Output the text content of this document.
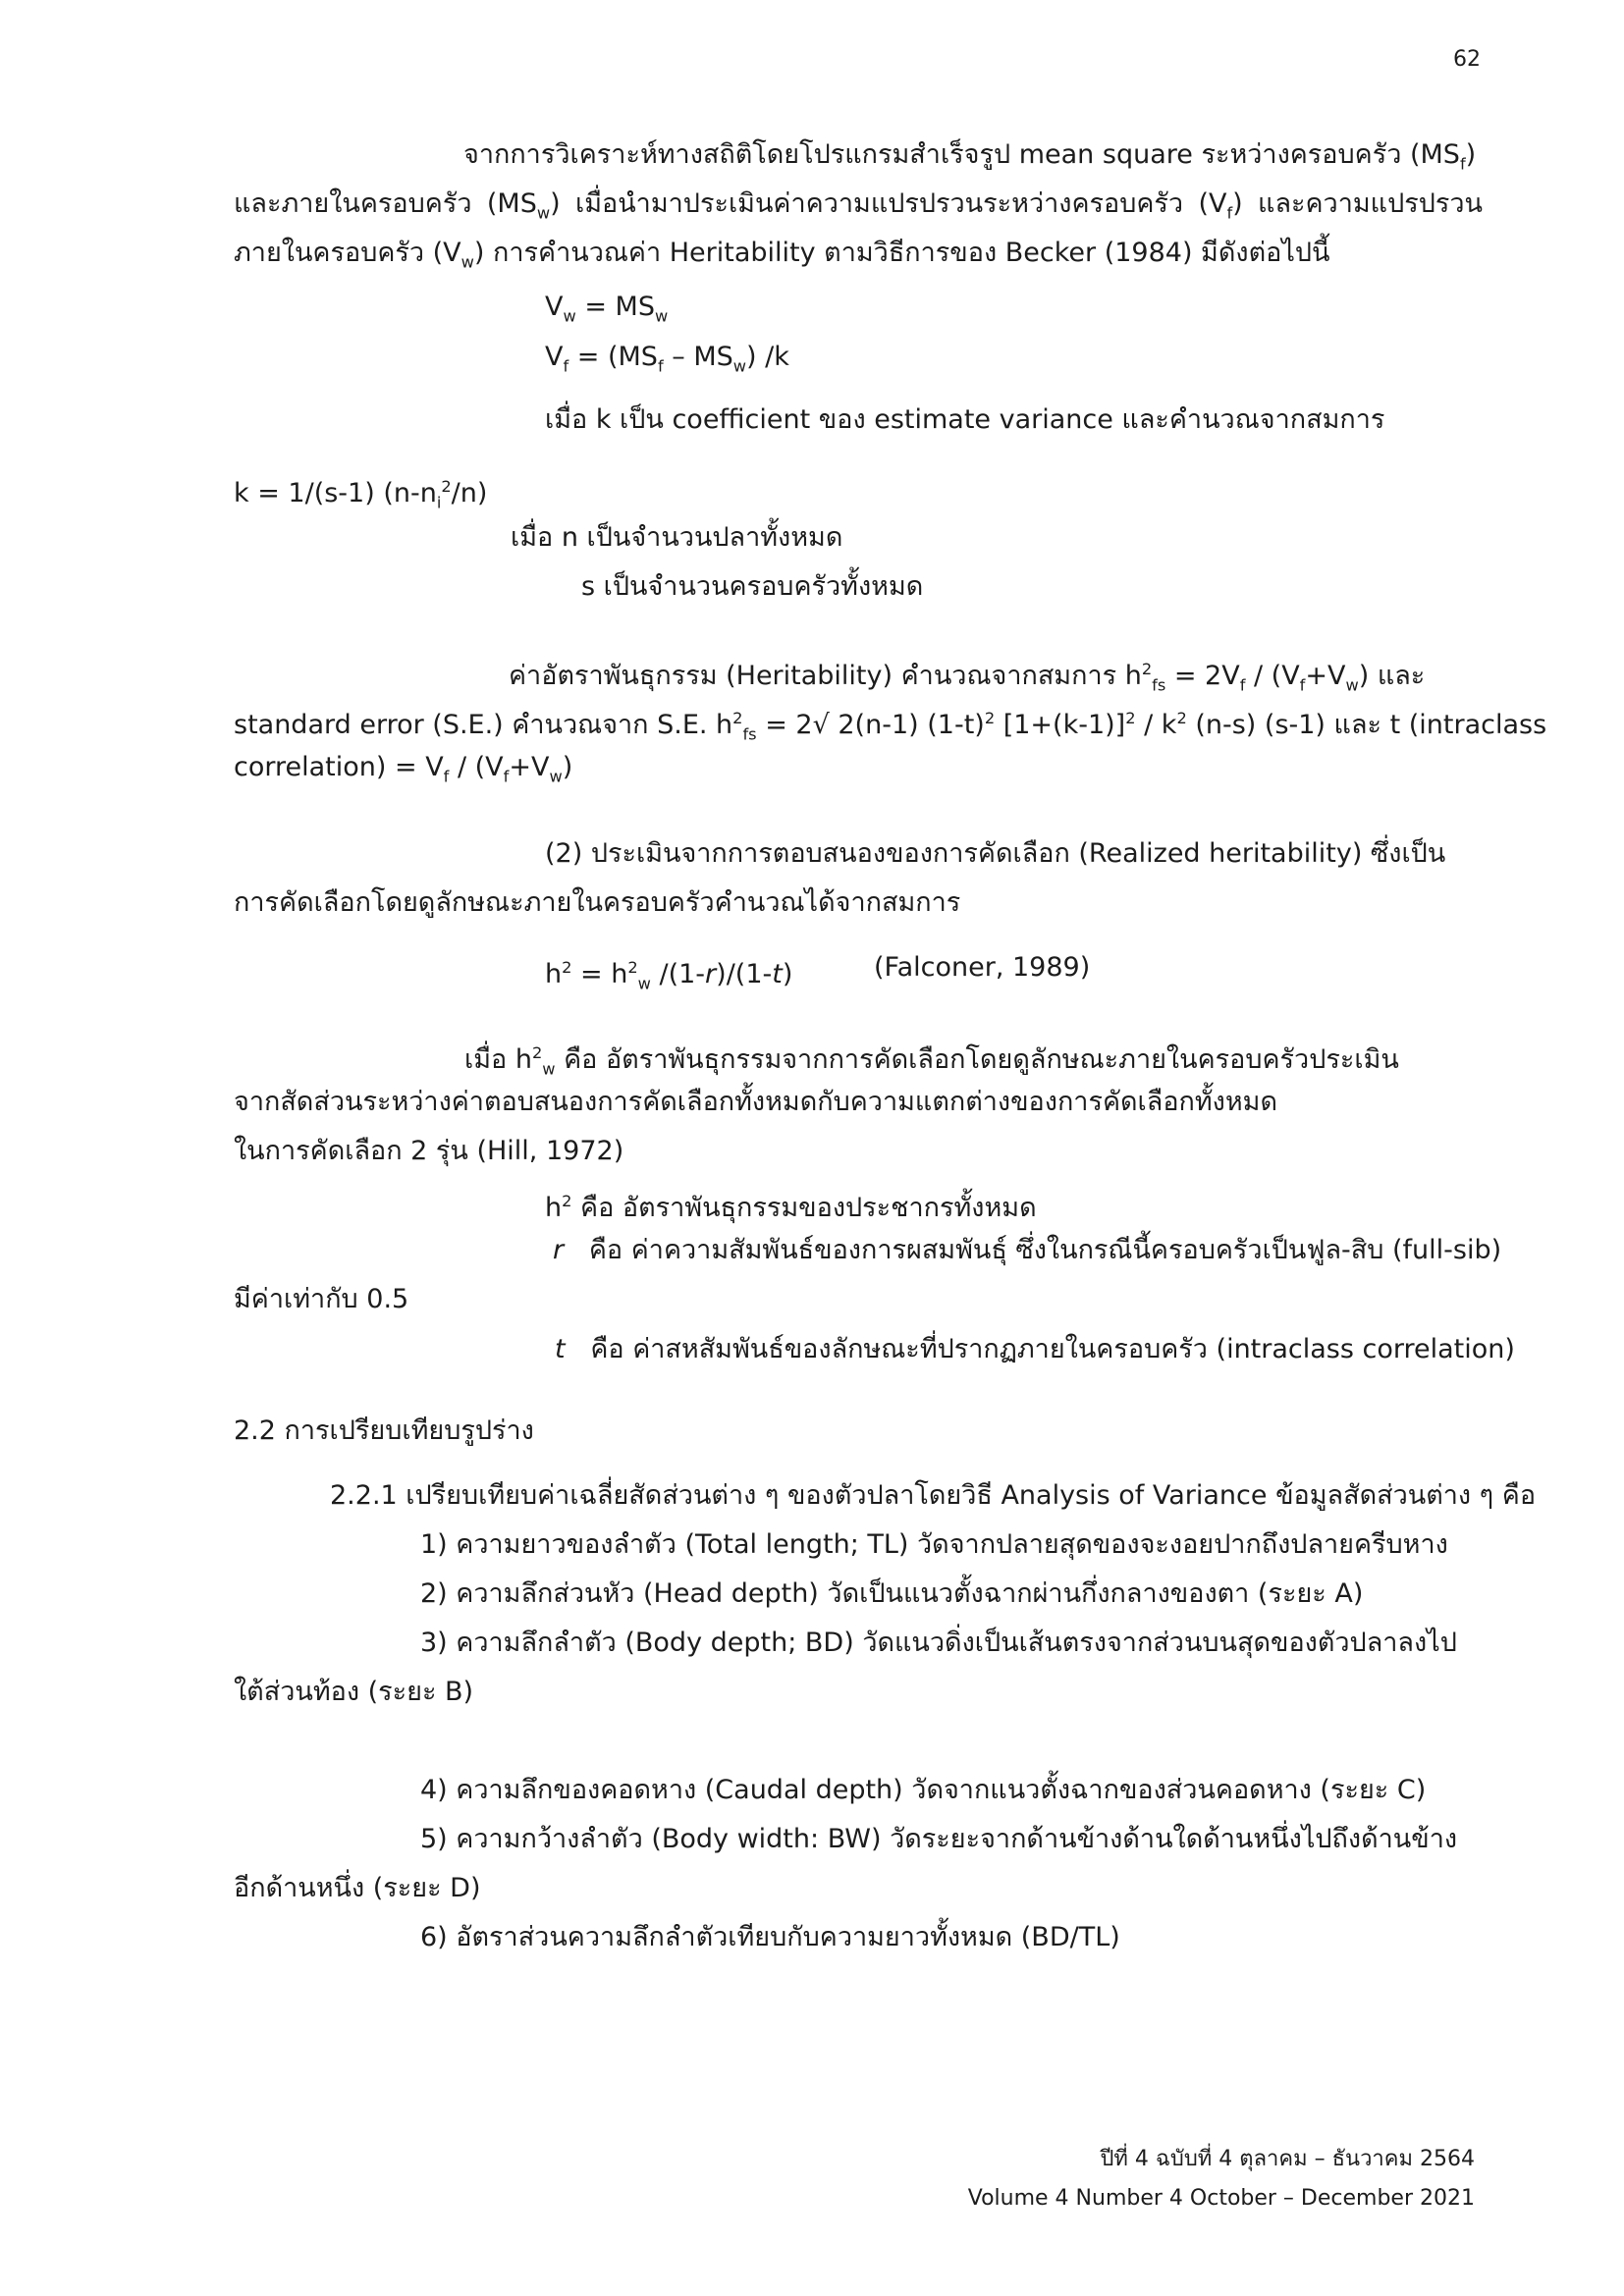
62
จากการวิเคราะห์ทางสถิติโดยโปรแกรมสำเร็จรูป mean square ระหว่างครอบครัว $(MS_f)$
และภายในครอบครัว $(MS_w)$ เมื่อนำมาประเมินค่าความแปรปรวนระหว่างครอบครัว $(V_f)$ และความแปรปรวน
ภายในครอบครัว $(V_w)$ การคำนวณค่า Heritability ตามวิธีการของ Becker (1984) มีดังต่อไปนี้
$V_w = MS_w$
$V_f = (MS_f - MS_w)$ /k
เมื่อ k เป็น coefficient ของ estimate variance และคำนวณจากสมการ
k = 1/(s-1) $(n-n_i^2/n)$
เมื่อ n เป็นจำนวนปลาทั้งหมด
s เป็นจำนวนครอบครัวทั้งหมด
ค่าอัตราพันธุกรรม (Heritability) คำนวณจากสมการ $h^2_{fs} = 2V_f / (V_f+V_w)$ และ
standard error (S.E.) คำนวณจาก S.E. $h^2_{fs} = 2√$ 2(n-1) $(1-t)^2$ $[1+(k-1)]^2 / k^2$ (n-s) (s-1) และ t (intraclass
correlation) = $V_f / (V_f+V_w)$
(2) ประเมินจากการตอบสนองของการคัดเลือก (Realized heritability) ซึ่งเป็น
การคัดเลือกโดยดูลักษณะภายในครอบครัวคำนวณได้จากสมการ
$h^2 = h^2_w$ /(1-r)/(1-t)	(Falconer, 1989)
เมื่อ $h^2_w$ คือ อัตราพันธุกรรมจากการคัดเลือกโดยดูลักษณะภายในครอบครัวประเมิน
จากสัดส่วนระหว่างค่าตอบสนองการคัดเลือกทั้งหมดกับความแตกต่างของการคัดเลือกทั้งหมด
ในการคัดเลือก 2 รุ่น (Hill, 1972)
$h^2$ คือ อัตราพันธุกรรมของประชากรทั้งหมด
r คือ ค่าความสัมพันธ์ของการผสมพันธุ์ ซึ่งในกรณีนี้ครอบครัวเป็นฟูล-สิบ (full-sib)
มีค่าเท่ากับ 0.5
t คือ ค่าสหสัมพันธ์ของลักษณะที่ปรากฏภายในครอบครัว (intraclass correlation)
2.2 การเปรียบเทียบรูปร่าง
2.2.1 เปรียบเทียบค่าเฉลี่ยสัดส่วนต่าง ๆ ของตัวปลาโดยวิธี Analysis of Variance ข้อมูลสัดส่วนต่าง ๆ คือ
1) ความยาวของลำตัว (Total length; TL) วัดจากปลายสุดของจะงอยปากถึงปลายครีบหาง
2) ความลึกส่วนหัว (Head depth) วัดเป็นแนวตั้งฉากผ่านกึ่งกลางของตา (ระยะ A)
3) ความลึกลำตัว (Body depth; BD) วัดแนวดิ่งเป็นเส้นตรงจากส่วนบนสุดของตัวปลาลงไป
ใต้ส่วนท้อง (ระยะ B)
4) ความลึกของคอดหาง (Caudal depth) วัดจากแนวตั้งฉากของส่วนคอดหาง (ระยะ C)
5) ความกว้างลำตัว (Body width: BW) วัดระยะจากด้านข้างด้านใดด้านหนึ่งไปถึงด้านข้าง
อีกด้านหนึ่ง (ระยะ D)
6) อัตราส่วนความลึกลำตัวเทียบกับความยาวทั้งหมด (BD/TL)
ปีที่ 4 ฉบับที่ 4 ตุลาคม – ธันวาคม 2564
Volume 4 Number 4 October – December 2021
